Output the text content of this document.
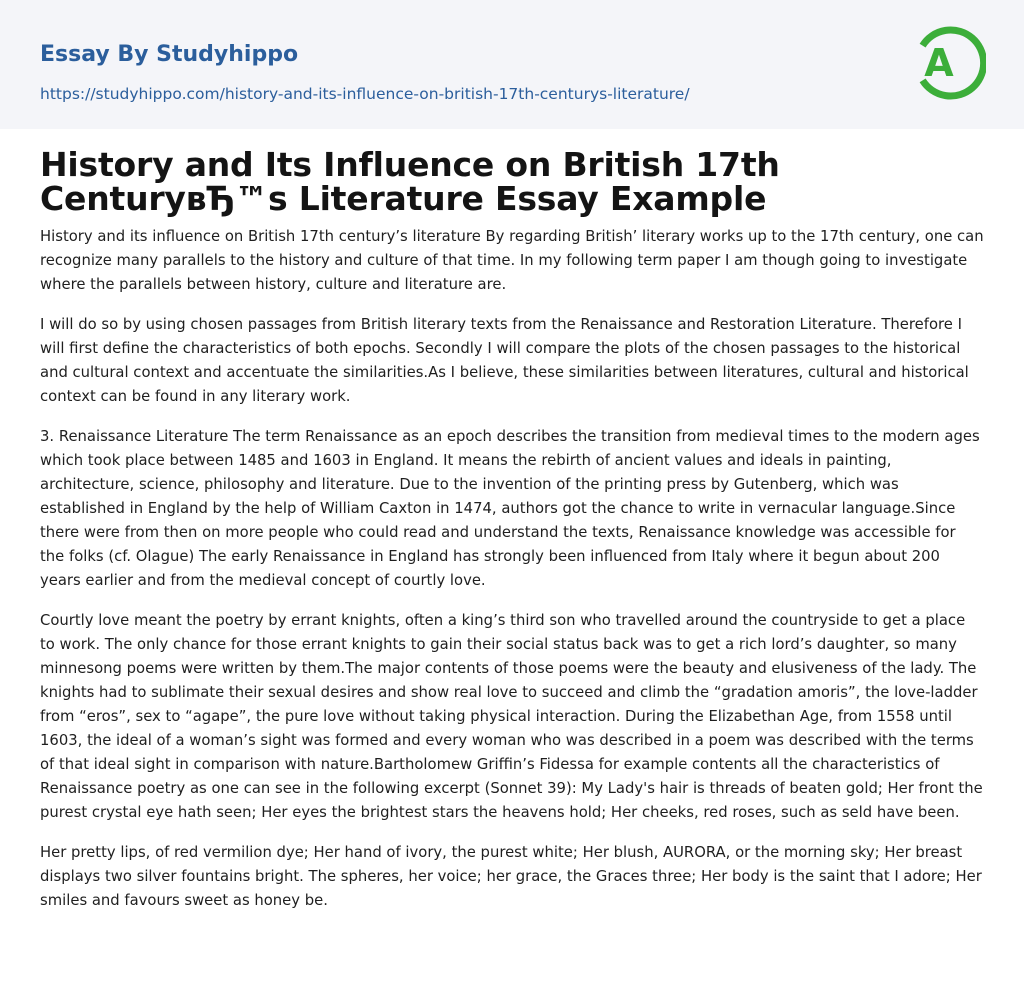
Essay By Studyhippo
https://studyhippo.com/history-and-its-influence-on-british-17th-centurys-literature/
A
History and Its Influence on British 17th CenturyвЂ™s Literature Essay Example

History and its influence on British 17th century’s literature By regarding British’ literary works up to the 17th century, one can recognize many parallels to the history and culture of that time. In my following term paper I am though going to investigate where the parallels between history, culture and literature are.

I will do so by using chosen passages from British literary texts from the Renaissance and Restoration Literature. Therefore I will first define the characteristics of both epochs. Secondly I will compare the plots of the chosen passages to the historical and cultural context and accentuate the similarities.As I believe, these similarities between literatures, cultural and historical context can be found in any literary work.

3. Renaissance Literature The term Renaissance as an epoch describes the transition from medieval times to the modern ages which took place between 1485 and 1603 in England. It means the rebirth of ancient values and ideals in painting, architecture, science, philosophy and literature. Due to the invention of the printing press by Gutenberg, which was established in England by the help of William Caxton in 1474, authors got the chance to write in vernacular language.Since there were from then on more people who could read and understand the texts, Renaissance knowledge was accessible for the folks (cf. Olague) The early Renaissance in England has strongly been influenced from Italy where it begun about 200 years earlier and from the medieval concept of courtly love.

Courtly love meant the poetry by errant knights, often a king’s third son who travelled around the countryside to get a place to work. The only chance for those errant knights to gain their social status back was to get a rich lord’s daughter, so many minnesong poems were written by them.The major contents of those poems were the beauty and elusiveness of the lady. The knights had to sublimate their sexual desires and show real love to succeed and climb the “gradation amoris”, the love-ladder from “eros”, sex to “agape”, the pure love without taking physical interaction. During the Elizabethan Age, from 1558 until 1603, the ideal of a woman’s sight was formed and every woman who was described in a poem was described with the terms of that ideal sight in comparison with nature.Bartholomew Griffin’s Fidessa for example contents all the characteristics of Renaissance poetry as one can see in the following excerpt (Sonnet 39): My Lady's hair is threads of beaten gold; Her front the purest crystal eye hath seen; Her eyes the brightest stars the heavens hold; Her cheeks, red roses, such as seld have been.

Her pretty lips, of red vermilion dye; Her hand of ivory, the purest white; Her blush, AURORA, or the morning sky; Her breast displays two silver fountains bright. The spheres, her voice; her grace, the Graces three; Her body is the saint that I adore; Her smiles and favours sweet as honey be.
